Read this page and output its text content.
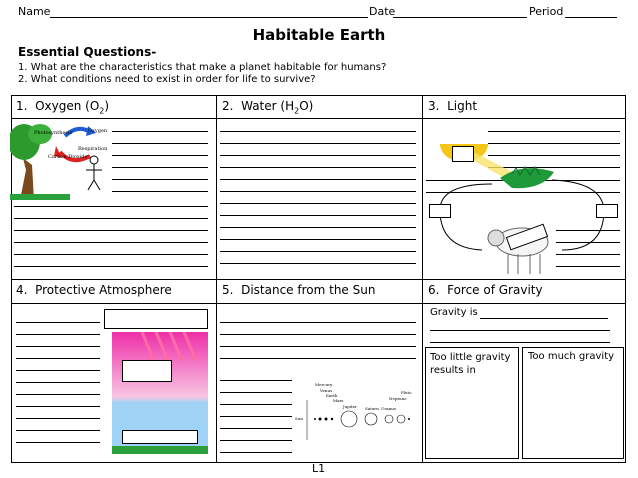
Name	Date	Period
Habitable Earth
Essential Questions-
1. What are the characteristics that make a planet habitable for humans?
2. What conditions need to exist in order for life to survive?
1. Oxygen $(O_2)$	2. Water $(H_2O)$	3. Light
4. Protective Atmosphere	5. Distance from the Sun	6. Force of Gravity
Photosynthesis	Oxygen
Respiration
Carbon Dioxide
Sun
Mercury
Venus
Earth
Mars
Jupiter Saturn Uranus
Neptune
Pluto
Gravity is
Too little gravity results in
Too much gravity
L1
